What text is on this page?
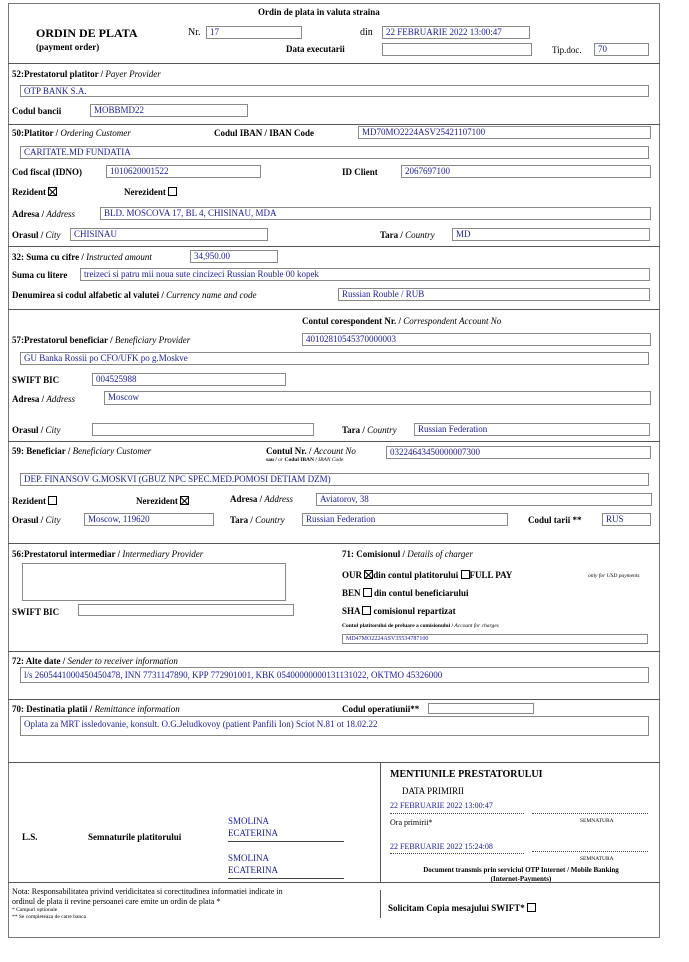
Ordin de plata in valuta straina
ORDIN DE PLATA
(payment order)
Nr.	17	din	22 FEBRUARIE 2022 13:00:47
Data executarii	Tip.doc.	70
52:Prestatorul platitor / Payer Provider
OTP BANK S.A.
Codul bancii	MOBBMD22
50:Platitor / Ordering Customer	Codul IBAN / IBAN Code	MD70MO2224ASV25421107100
CARITATE.MD FUNDATIA
Cod fiscal (IDNO)	1010620001522	ID Client	2067697100
Rezident	Nerezident
Adresa / Address	BLD. MOSCOVA 17, BL 4, CHISINAU, MDA
Orasul / City	CHISINAU	Tara / Country	MD
32: Suma cu cifre / Instructed amount	34,950.00
Suma cu litere	treizeci si patru mii noua sute cincizeci Russian Rouble 00 kopek
Denumirea si codul alfabetic al valutei / Currency name and code	Russian Rouble / RUB
Contul corespondent Nr. / Correspondent Account No
40102810545370000003
57:Prestatorul beneficiar / Beneficiary Provider
GU Banka Rossii po CFO/UFK po g.Moskve
SWIFT BIC	004525988
Adresa / Address	Moscow
Orasul / City	Tara / Country	Russian Federation
59: Beneficiar / Beneficiary Customer	Contul Nr. / Account No
sau / or Codul IBAN / IBAN Code
03224643450000007300
DEP. FINANSOV G.MOSKVI (GBUZ NPC SPEC.MED.POMOSI DETIAM DZM)
Rezident	Nerezident	Adresa / Address	Aviatorov, 38
Orasul / City	Moscow, 119620	Tara / Country	Russian Federation	Codul tarii **	RUS
56:Prestatorul intermediar / Intermediary Provider
SWIFT BIC
71: Comisionul / Details of charger
OUR din contul platitorului FULL PAY	only for USD payments
BEN din contul beneficiarului
SHA comisionul repartizat
Contul platitorului de preluare a comisionului / Account for charges
MD47MO2224ASV35534787100
72: Alte date / Sender to receiver information
l/s 2605441000450450478, INN 7731147890, KPP 772901001, KBK 05400000000131131022, OKTMO 45326000
70: Destinatia platii / Remittance information	Codul operatiunii**
Oplata za MRT issledovanie, konsult. O.G.Jeludkovoy (patient Panfili Ion) Sciot N.81 ot 18.02.22
L.S.	Semnaturile platitorului
SMOLINA
ECATERINA
SMOLINA
ECATERINA
MENTIUNILE PRESTATORULUI
DATA PRIMIRII
22 FEBRUARIE 2022 13:00:47
SEMNATURA
Ora primirii*
22 FEBRUARIE 2022 15:24:08
SEMNATURA
Document transmis prin serviciul OTP Internet / Mobile Banking
(Internet-Payments)
Nota: Responsabilitatea privind veridicitatea si corectitudinea informatiei indicate in
ordinul de plata ii revine persoanei care emite un ordin de plata *
* Campuri optionale
** Se completeaza de catre banca
Solicitam Copia mesajului SWIFT*
